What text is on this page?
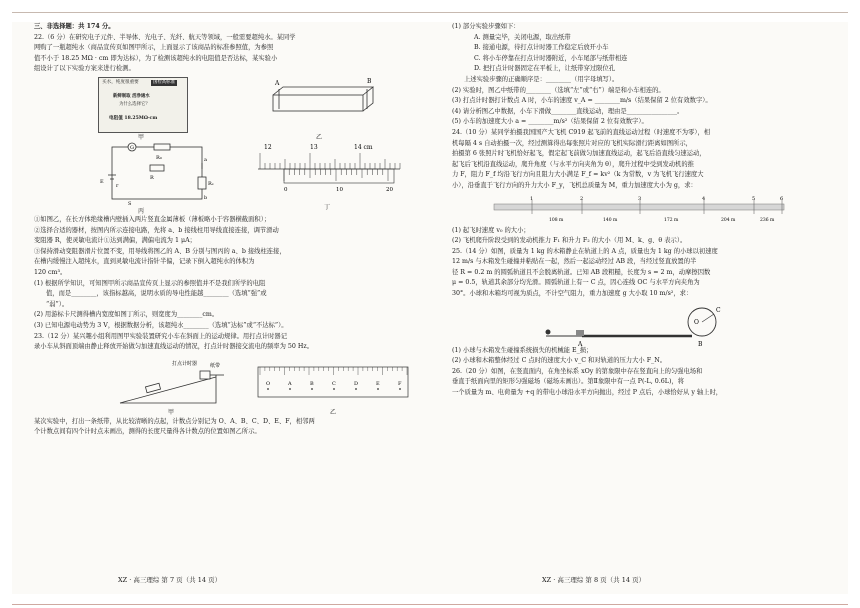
三、非选择题：共 174 分。

22.（6 分）在研究电子元件、半导体、光电子、光纤、航天等领域，一般需要超纯水。某同学

网购了一瓶超纯水（商品宣传页如图甲所示，上面显示了该商品的标准参照值，为参照

值不小于 18.25 MΩ · cm 即为达标），为了检测该超纯水的电阻值是否达标，某实验小

组设计了以下实验方案来进行检测。

买水，纯度很重要	国检高标准
新鲜制取 活净通水
为什么选择它？
电阻值 18.25MΩ·cm
甲
A	B
乙
G
R₀
R
E
r
S
Rₓ
a
b
丙
12	13	14 cm
0	10	20
丁

①如图乙，在长方体绝缘槽内壁插入两片竖直金属薄板（薄板略小于容器横截面积）；

②选择合适的器材，按图内所示连接电路，先将 a、b 接线柱用导线直接连接，调节滑动

变阻器 R，使灵敏电流计①达到满偏，满偏电流为 1 μA；

③保持滑动变阻器滑片位置不变，用导线将图乙的 A、B 分别与图丙的 a、b 接线柱连接，

在槽内缓慢注入超纯水，直到灵敏电流计指针半偏，记录下倒入超纯水的体积为

120 cm³。

(1) 根据所学知识，可知图甲所示商品宣传页上显示的参照值并不是我们所学的电阻

值，而是________，该指标越高，说明水质的导电性能越________（选填“强”或

“弱”）。

(2) 用游标卡尺测得槽内宽度如图丁所示，则宽度为________cm。

(3) 已知电源电动势为 3 V，根据数据分析，该超纯水________（选填“达标”或“不达标”）。

23.（12 分）某兴趣小组利用图甲实验装置研究小车在斜面上的运动规律。用打点计时器记

录小车从斜面顶端由静止释放开始做匀加速直线运动的情况，打点计时器接交流电的频率为 50 Hz。

打点计时器	纸带
甲
O	A	B	C	D	E	F
乙

某次实验中，打出一条纸带，从比较清晰的点起，计数点分别记为 O、A、B、C、D、E、F，相邻两

个计数点间有四个计时点未画出，测得的长度尺量得各计数点的位置如图乙所示。

XZ · 高三理综 第 7 页（共 14 页）

(1) 部分实验步骤如下：

A. 测量完毕，关闭电源，取出纸带

B. 接通电源，待打点计时器工作稳定后放开小车

C. 将小车停靠在打点计时器附近，小车尾部与纸带相连

D. 把打点计时器固定在平板上，让纸带穿过限位孔

上述实验步骤的正确顺序是：________（用字母填写）。

(2) 实验时，图乙中纸带的________（选填“左”或“右”）端是和小车相连的。

(3) 打点计时器打计数点 A 时，小车的速度 v_A = ________m/s（结果保留 2 位有效数字）。

(4) 请分析图乙中数据，小车下滑做________直线运动，理由是________________。

(5) 小车的加速度大小 a = ________m/s²（结果保留 2 位有效数字）。

24.（10 分）某同学拍摄我国国产大飞机 C919 起飞前的直线运动过程（时速度不为零），相

机每隔 4 s 自动拍摄一次，经过测算得出每张照片对应的飞机实际滑行距离如图所示，

拍摄第 6 张照片时飞机恰好起飞，假定起飞前做匀加速直线运动，起飞后沿直线匀速运动，

起飞后飞机沿直线运动，爬升角度（与水平方向夹角为 θ），爬升过程中受到发动机的推

力 F，阻力 F_f 均沿飞行方向且阻力大小满足 F_f = kv²（k 为常数，v 为飞机飞行速度大

小），沿垂直于飞行方向的升力大小 F_y，飞机总质量为 M，重力加速度大小为 g，求：

1	2	3	4	5	6
108 m	140 m	172 m	204 m	236 m

(1) 起飞时速度 v₀ 的大小；

(2) 飞机爬升阶段受到的发动机推力 F₁ 和升力 F₂ 的大小（用 M、k、g、θ 表示）。

25.（14 分）如图，质量为 1 kg 的木箱静止在轨道上的 A 点，质量也为 1 kg 的小球以初速度

12 m/s 与木箱发生碰撞并粘贴在一起，然后一起运动经过 AB 段，当经过竖直放置的半

径 R = 0.2 m 的圆弧轨道且不会脱离轨道。已知 AB 段粗糙，长度为 s = 2 m，动摩擦因数

μ = 0.5，轨道其余部分均光滑。圆弧轨道上有一 C 点，因心连线 OC 与水平方向夹角为

30°。小球和木箱均可视为质点，不计空气阻力，重力加速度 g 大小取 10 m/s²，求：

A	B
C
O

(1) 小球与木箱发生碰撞系统损失的机械能 E_损；

(2) 小球和木箱整体经过 C 点时的速度大小 v_C 和对轨道的压力大小 F_N。

26.（20 分）如图，在竖直面内，在角坐标系 xOy 的第象限中存在竖直向上的匀强电场和

垂直于纸面向里的矩形匀强磁场（磁场未画出）。第Ⅱ象限中有一点 P(-L, 0.6L)，将

一个质量为 m、电荷量为 +q 的带电小球沿水平方向抛出，经过 P 点后，小球恰好从 y 轴上时，

XZ · 高三理综 第 8 页（共 14 页）
